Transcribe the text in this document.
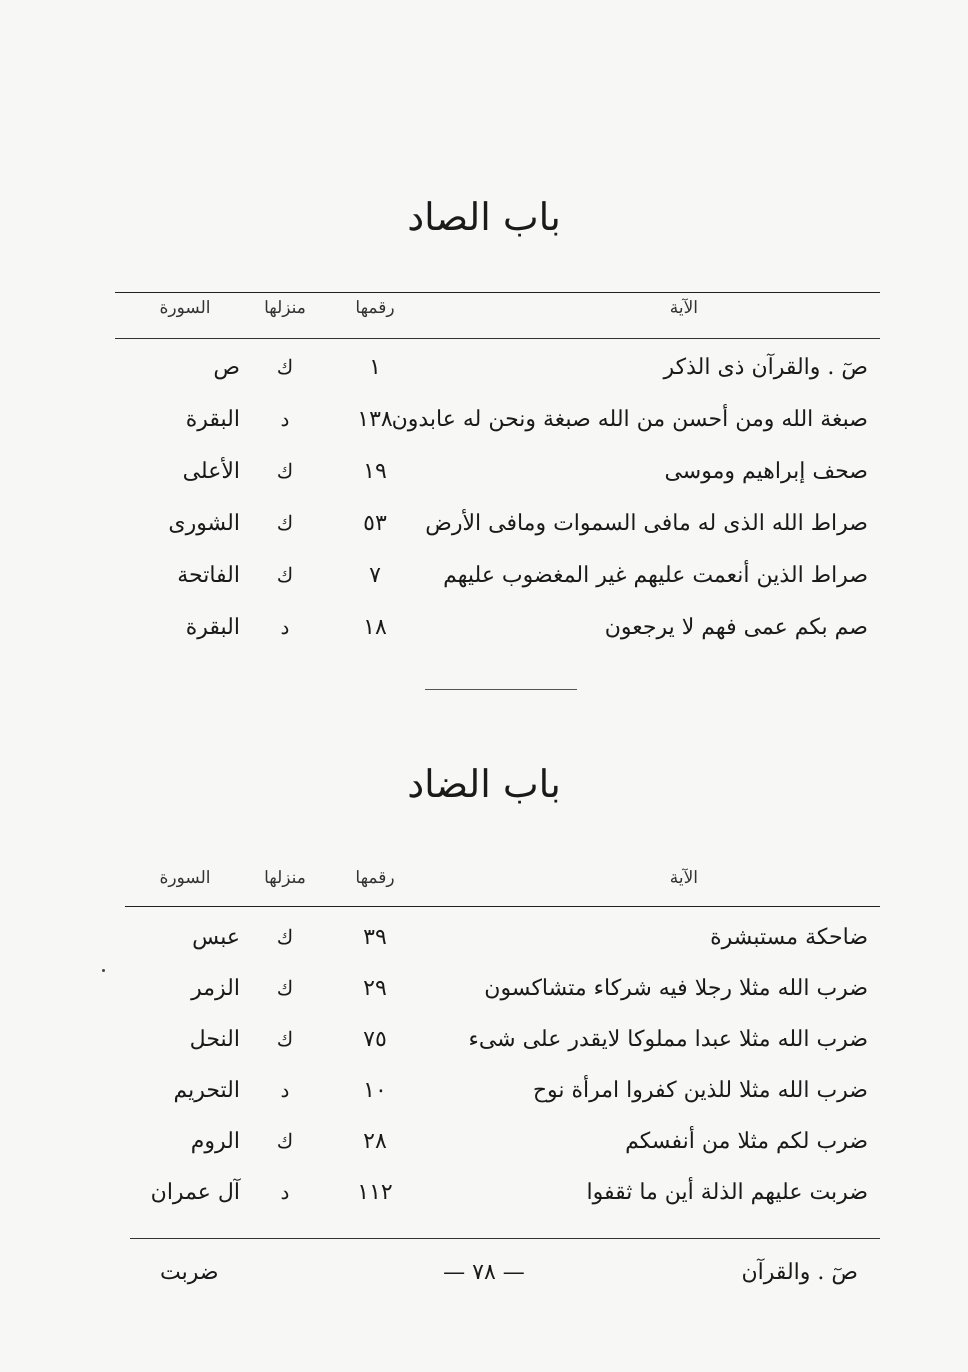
باب الصاد
الآية
رقمها
منزلها
السورة
صٓ . والقرآن ذى الذكر
١
ك
ص
صبغة الله ومن أحسن من الله صبغة ونحن له عابدون
١٣٨
د
البقرة
صحف إبراهيم وموسى
١٩
ك
الأعلى
صراط الله الذى له مافى السموات ومافى الأرض
٥٣
ك
الشورى
صراط الذين أنعمت عليهم غير المغضوب عليهم
٧
ك
الفاتحة
صم بكم عمى فهم لا يرجعون
١٨
د
البقرة
باب الضاد
الآية
رقمها
منزلها
السورة
ضاحكة مستبشرة
٣٩
ك
عبس
ضرب الله مثلا رجلا فيه شركاء متشاكسون
٢٩
ك
الزمر
ضرب الله مثلا عبدا مملوكا لايقدر على شىء
٧٥
ك
النحل
ضرب الله مثلا للذين كفروا امرأة نوح
١٠
د
التحريم
ضرب لكم مثلا من أنفسكم
٢٨
ك
الروم
ضربت عليهم الذلة أين ما ثقفوا
١١٢
د
آل عمران
صٓ . والقرآن
— ٧٨ —
ضربت
